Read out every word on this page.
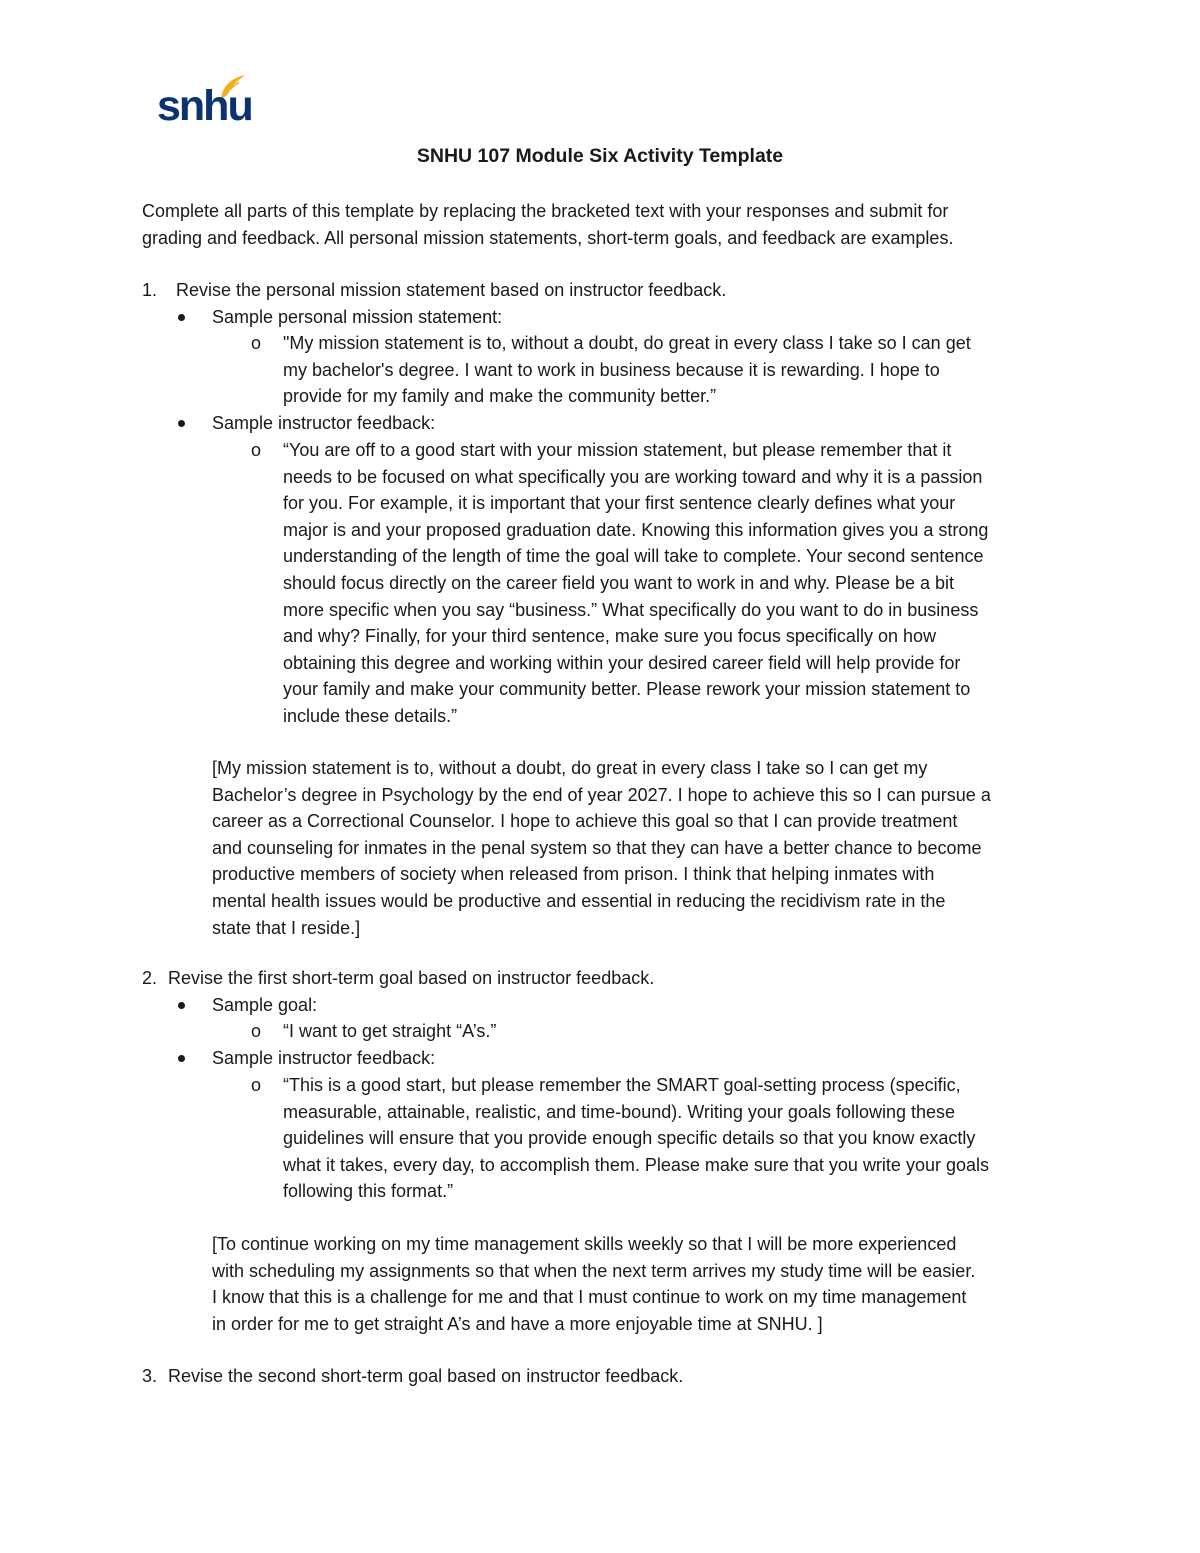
snhu
SNHU 107 Module Six Activity Template
Complete all parts of this template by replacing the bracketed text with your responses and submit for
grading and feedback. All personal mission statements, short-term goals, and feedback are examples.
1. Revise the personal mission statement based on instructor feedback.
Sample personal mission statement:
o "My mission statement is to, without a doubt, do great in every class I take so I can get
my bachelor's degree. I want to work in business because it is rewarding. I hope to
provide for my family and make the community better.”
Sample instructor feedback:
o “You are off to a good start with your mission statement, but please remember that it
needs to be focused on what specifically you are working toward and why it is a passion
for you. For example, it is important that your first sentence clearly defines what your
major is and your proposed graduation date. Knowing this information gives you a strong
understanding of the length of time the goal will take to complete. Your second sentence
should focus directly on the career field you want to work in and why. Please be a bit
more specific when you say “business.” What specifically do you want to do in business
and why? Finally, for your third sentence, make sure you focus specifically on how
obtaining this degree and working within your desired career field will help provide for
your family and make your community better. Please rework your mission statement to
include these details.”
[My mission statement is to, without a doubt, do great in every class I take so I can get my
Bachelor’s degree in Psychology by the end of year 2027. I hope to achieve this so I can pursue a
career as a Correctional Counselor. I hope to achieve this goal so that I can provide treatment
and counseling for inmates in the penal system so that they can have a better chance to become
productive members of society when released from prison. I think that helping inmates with
mental health issues would be productive and essential in reducing the recidivism rate in the
state that I reside.]
2. Revise the first short-term goal based on instructor feedback.
Sample goal:
o “I want to get straight “A’s.”
Sample instructor feedback:
o “This is a good start, but please remember the SMART goal-setting process (specific,
measurable, attainable, realistic, and time-bound). Writing your goals following these
guidelines will ensure that you provide enough specific details so that you know exactly
what it takes, every day, to accomplish them. Please make sure that you write your goals
following this format.”
[To continue working on my time management skills weekly so that I will be more experienced
with scheduling my assignments so that when the next term arrives my study time will be easier.
I know that this is a challenge for me and that I must continue to work on my time management
in order for me to get straight A’s and have a more enjoyable time at SNHU. ]
3. Revise the second short-term goal based on instructor feedback.
